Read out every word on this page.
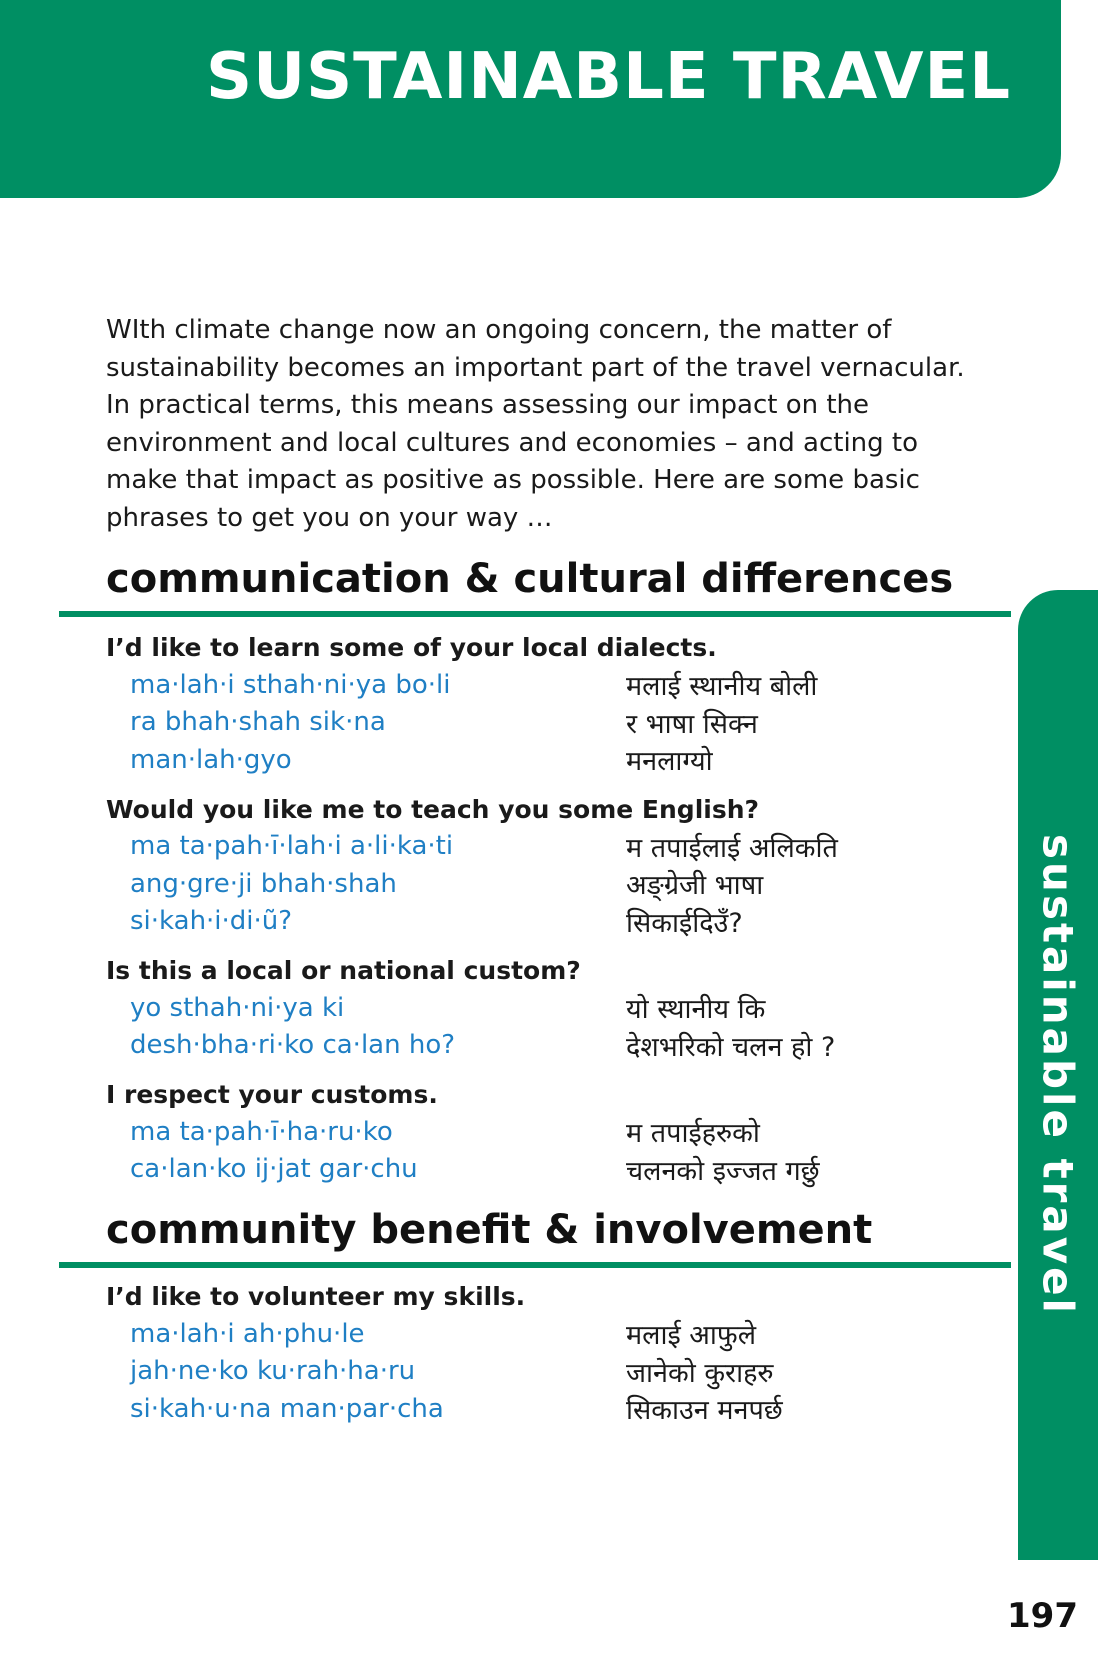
SUSTAINABLE TRAVEL

WIth climate change now an ongoing concern, the matter of sustainability becomes an important part of the travel vernacular. In practical terms, this means assessing our impact on the environment and local cultures and economies – and acting to make that impact as positive as possible. Here are some basic phrases to get you on your way …

communication & cultural differences
I’d like to learn some of your local dialects.
ma·lah·i sthah·ni·ya bo·li	मलाई स्थानीय बोली
ra bhah·shah sik·na	र भाषा सिक्न
man·lah·gyo	मनलाग्यो
Would you like me to teach you some English?
ma ta·pah·ī·lah·i a·li·ka·ti	म तपाईलाई अलिकति
ang·gre·ji bhah·shah	अङ्ग्रेजी भाषा
si·kah·i·di·ũ?	सिकाईदिउँ?
Is this a local or national custom?
yo sthah·ni·ya ki	यो स्थानीय कि
desh·bha·ri·ko ca·lan ho?	देशभरिको चलन हो ?
I respect your customs.
ma ta·pah·ī·ha·ru·ko	म तपाईहरुको
ca·lan·ko ij·jat gar·chu	चलनको इज्जत गर्छु
community benefit & involvement
I’d like to volunteer my skills.
ma·lah·i ah·phu·le	मलाई आफुले
jah·ne·ko ku·rah·ha·ru	जानेको कुराहरु
si·kah·u·na man·par·cha	सिकाउन मनपर्छ
sustainable travel
197
